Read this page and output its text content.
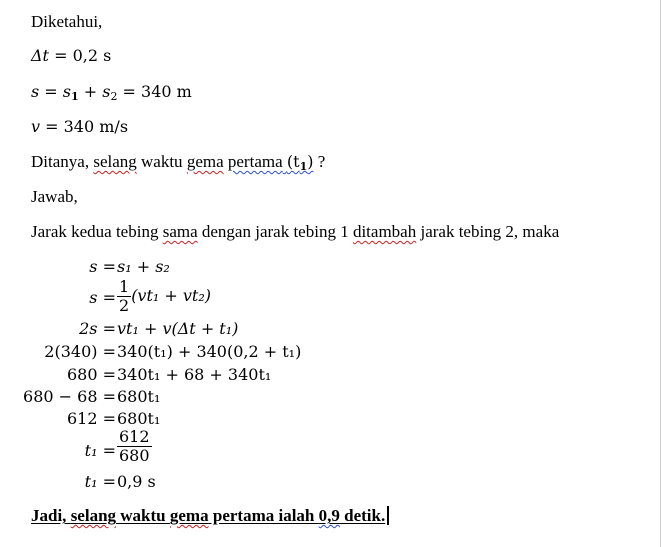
Diketahui,
Δt = 0,2 s
$s = s_1 + s_2 = 340$ m
v = 340 m/s
Ditanya, selang waktu gema pertama $(t_1)$ ?
Jawab,
Jarak kedua tebing sama dengan jarak tebing 1 ditambah jarak tebing 2, maka
s = s₁ + s₂
$s = \frac{1}{2} (vt_1 + vt_2)$
2s = vt₁ + v(Δt + t₁)
2(340) = 340(t₁) + 340(0,2 + t₁)
680 = 340t₁ + 68 + 340t₁
680 − 68 = 680t₁
612 = 680t₁
$t_1 = \frac{612}{680}$
t₁ = 0,9 s
Jadi, selang waktu gema pertama ialah 0,9 detik.
